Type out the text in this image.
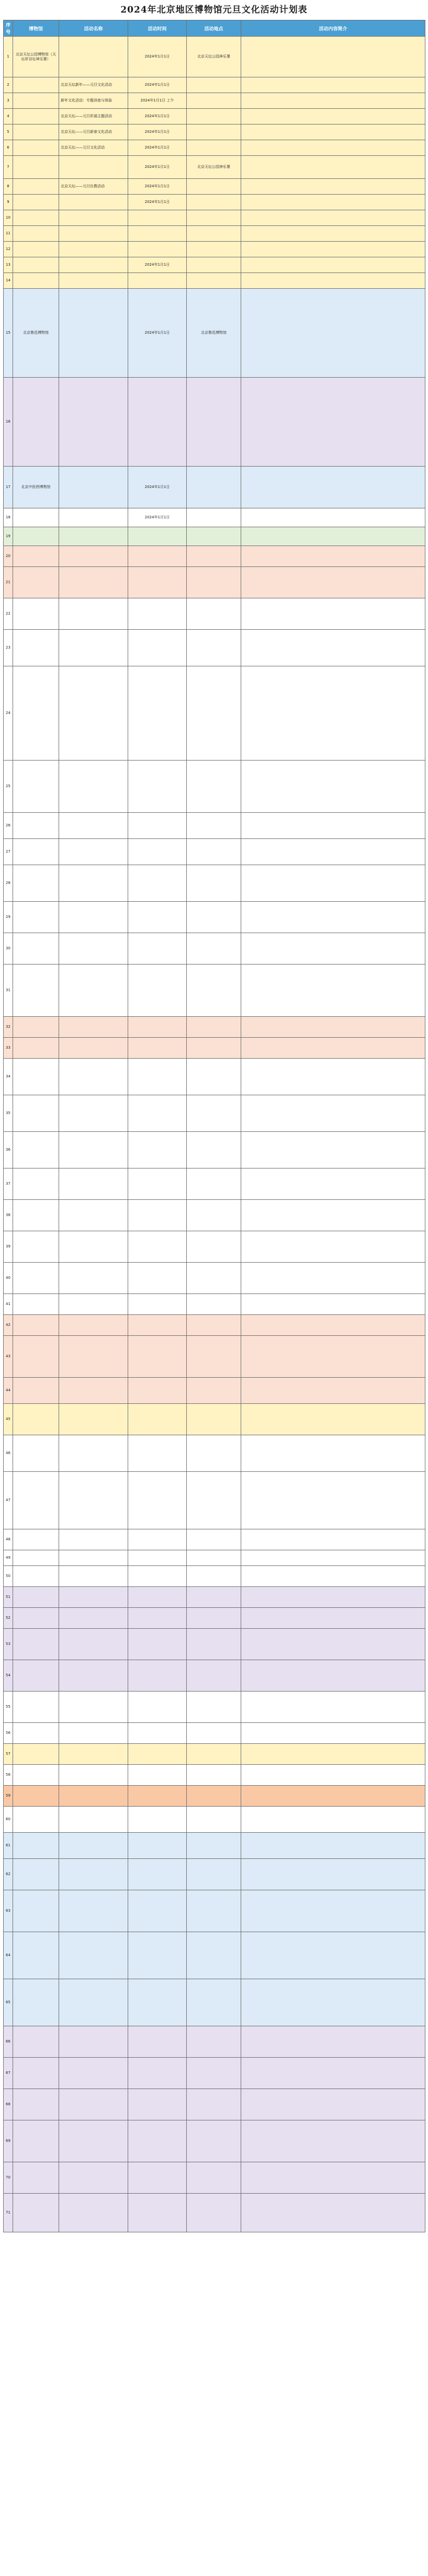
2024年北京地区博物馆元旦文化活动计划表
序号	博物馆	活动名称	活动时间	活动地点	活动内容简介
1	北京天坛公园博物馆（天坛祈谷坛神乐署）		2024年1月1日	北京天坛公园神乐署	
2		北京天坛新年——元旦文化活动	2024年1月1日		
3		新年文化活动：专题讲座与体验	2024年1月1日 上午		
4		北京天坛——元旦祈福主题活动	2024年1月1日		
5		北京天坛——元旦新春文化活动	2024年1月1日		
6		北京天坛——元旦文化活动	2024年1月1日		
7			2024年1月1日	北京天坛公园神乐署	
8		北京天坛——元旦社教活动	2024年1月1日		
9			2024年1月1日		
10					
11					
12					
13			2024年1月1日		
14					
15	北京鲁迅博物馆		2024年1月1日	北京鲁迅博物馆	
16					
17	北京中医药博物馆		2024年1月1日		
18			2024年1月1日		
19					
20					
21					
22					
23					
24					
25					
26					
27					
28					
29					
30					
31					
32					
33					
34					
35					
36					
37					
38					
39					
40					
41					
42					
43					
44					
45					
46					
47					
48					
49					
50					
51					
52					
53					
54					
55					
56					
57					
58					
59					
60					
61					
62					
63					
64					
65					
66					
67					
68					
69					
70					
71					
